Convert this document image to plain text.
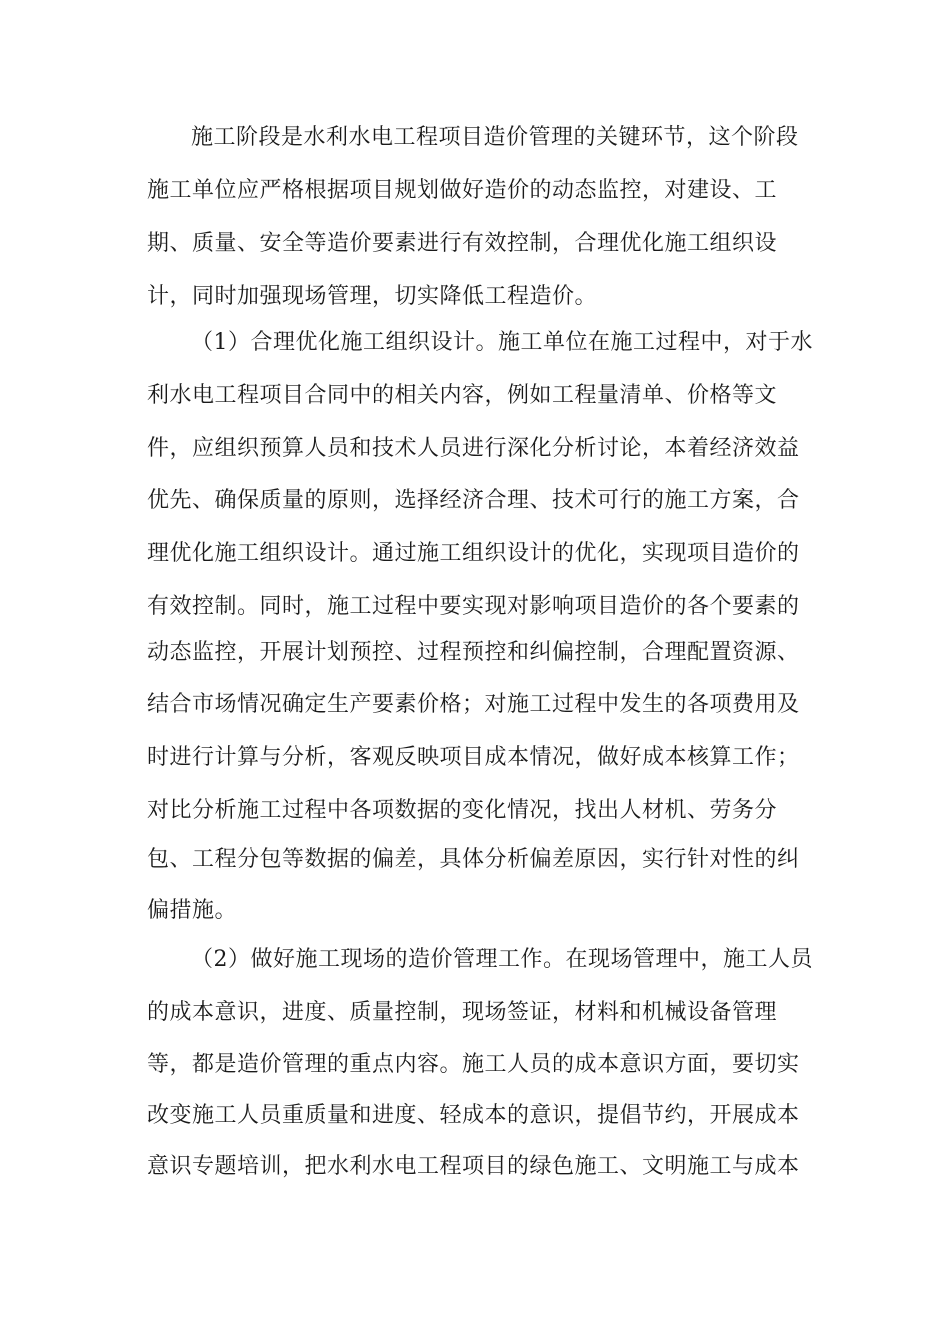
施工阶段是水利水电工程项目造价管理的关键环节，这个阶段

施工单位应严格根据项目规划做好造价的动态监控，对建设、工

期、质量、安全等造价要素进行有效控制，合理优化施工组织设

计，同时加强现场管理，切实降低工程造价。

（1）合理优化施工组织设计。施工单位在施工过程中，对于水

利水电工程项目合同中的相关内容，例如工程量清单、价格等文

件，应组织预算人员和技术人员进行深化分析讨论，本着经济效益

优先、确保质量的原则，选择经济合理、技术可行的施工方案，合

理优化施工组织设计。通过施工组织设计的优化，实现项目造价的

有效控制。同时，施工过程中要实现对影响项目造价的各个要素的

动态监控，开展计划预控、过程预控和纠偏控制，合理配置资源、

结合市场情况确定生产要素价格；对施工过程中发生的各项费用及

时进行计算与分析，客观反映项目成本情况，做好成本核算工作；

对比分析施工过程中各项数据的变化情况，找出人材机、劳务分

包、工程分包等数据的偏差，具体分析偏差原因，实行针对性的纠

偏措施。

（2）做好施工现场的造价管理工作。在现场管理中，施工人员

的成本意识，进度、质量控制，现场签证，材料和机械设备管理

等，都是造价管理的重点内容。施工人员的成本意识方面，要切实

改变施工人员重质量和进度、轻成本的意识，提倡节约，开展成本

意识专题培训，把水利水电工程项目的绿色施工、文明施工与成本
